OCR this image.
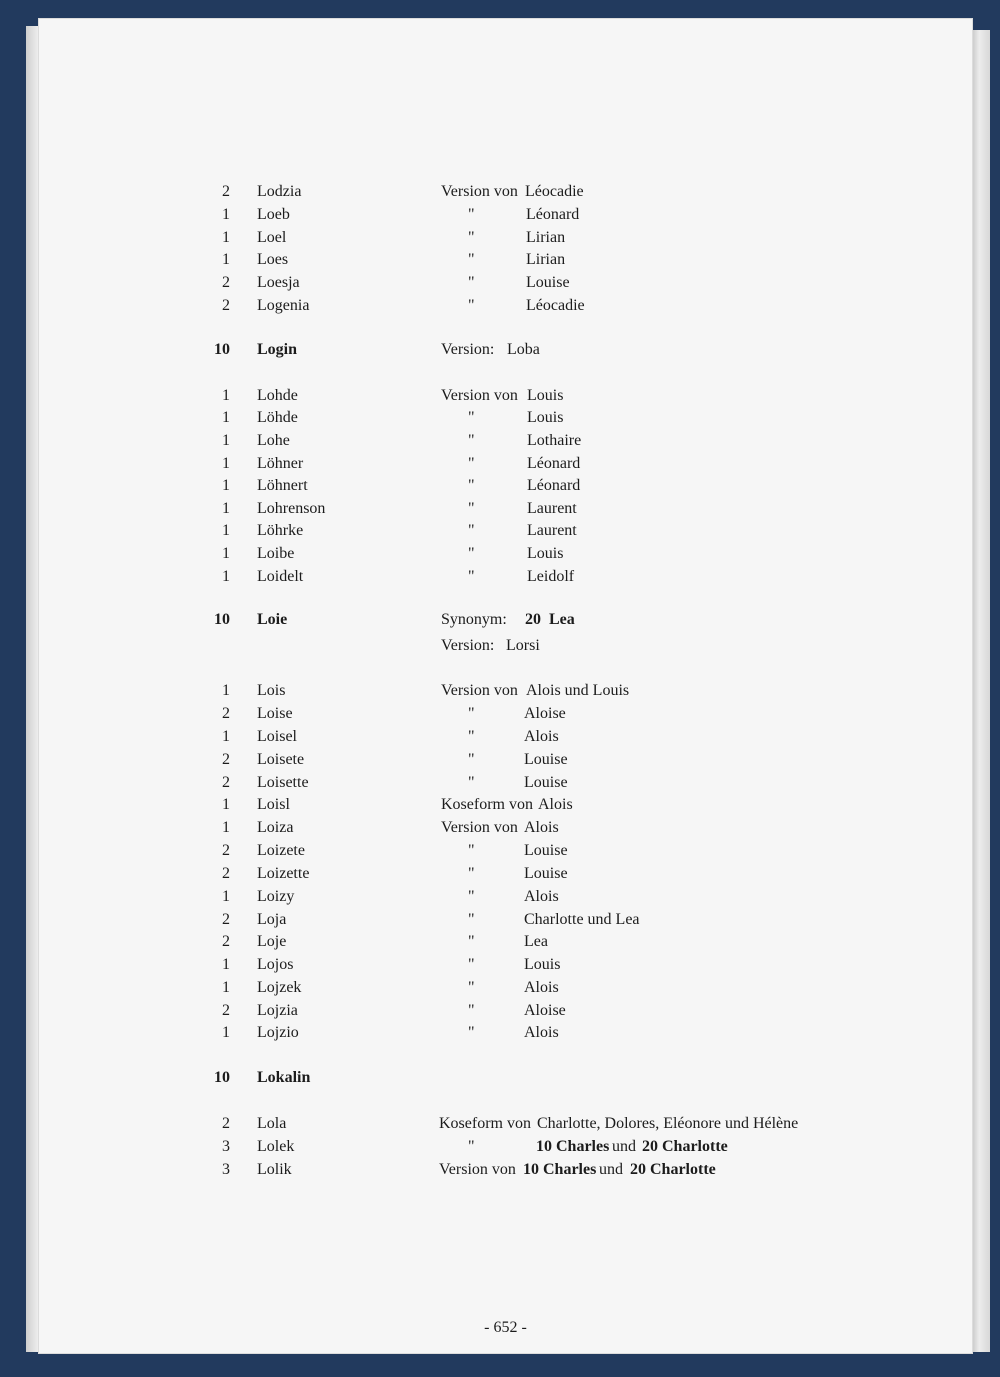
2 Lodzia	Version von Léocadie
1 Loeb	"	Léonard
1 Loel	"	Lirian
1 Loes	"	Lirian
2 Loesja	"	Louise
2 Logenia	"	Léocadie
10 Login	Version: Loba
1 Lohde	Version von Louis
1 Löhde	"	Louis
1 Lohe	"	Lothaire
1 Löhner	"	Léonard
1 Löhnert	"	Léonard
1 Lohrenson	"	Laurent
1 Löhrke	"	Laurent
1 Loibe	"	Louis
1 Loidelt	"	Leidolf
10 Loie	Synonym: 20 Lea
Version: Lorsi
1 Lois	Version von Alois und Louis
2 Loise	"	Aloise
1 Loisel	"	Alois
2 Loisete	"	Louise
2 Loisette	"	Louise
1 Loisl	Koseform von Alois
1 Loiza	Version von Alois
2 Loizete	"	Louise
2 Loizette	"	Louise
1 Loizy	"	Alois
2 Loja	"	Charlotte und Lea
2 Loje	"	Lea
1 Lojos	"	Louis
1 Lojzek	"	Alois
2 Lojzia	"	Aloise
1 Lojzio	"	Alois
10 Lokalin
2 Lola	Koseform von Charlotte, Dolores, Eléonore und Hélène
3 Lolek	"	10 Charles und 20 Charlotte
3 Lolik	Version von 10 Charles und 20 Charlotte
- 652 -
